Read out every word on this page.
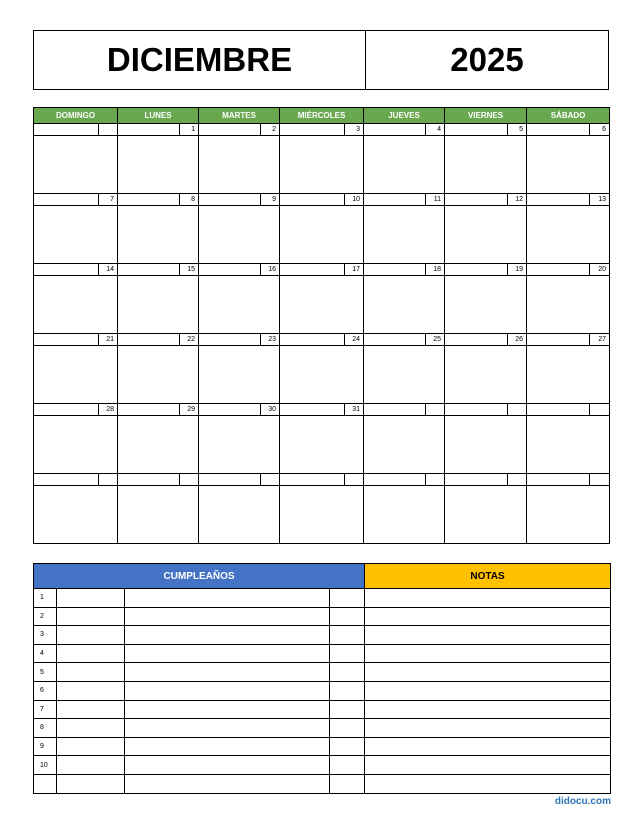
DICIEMBRE	2025
DOMINGO		LUNES		MARTES		MIÉRCOLES		JUEVES		VIERNES		SÁBADO	
			1		2		3		4		5		6

	7		8		9		10		11		12		13

	14		15		16		17		18		19		20

	21		22		23		24		25		26		27

	28		29		30		31						

CUMPLEAÑOS				NOTAS
1				
2				
3				
4				
5				
6				
7				
8				
9				
10				

didocu.com
